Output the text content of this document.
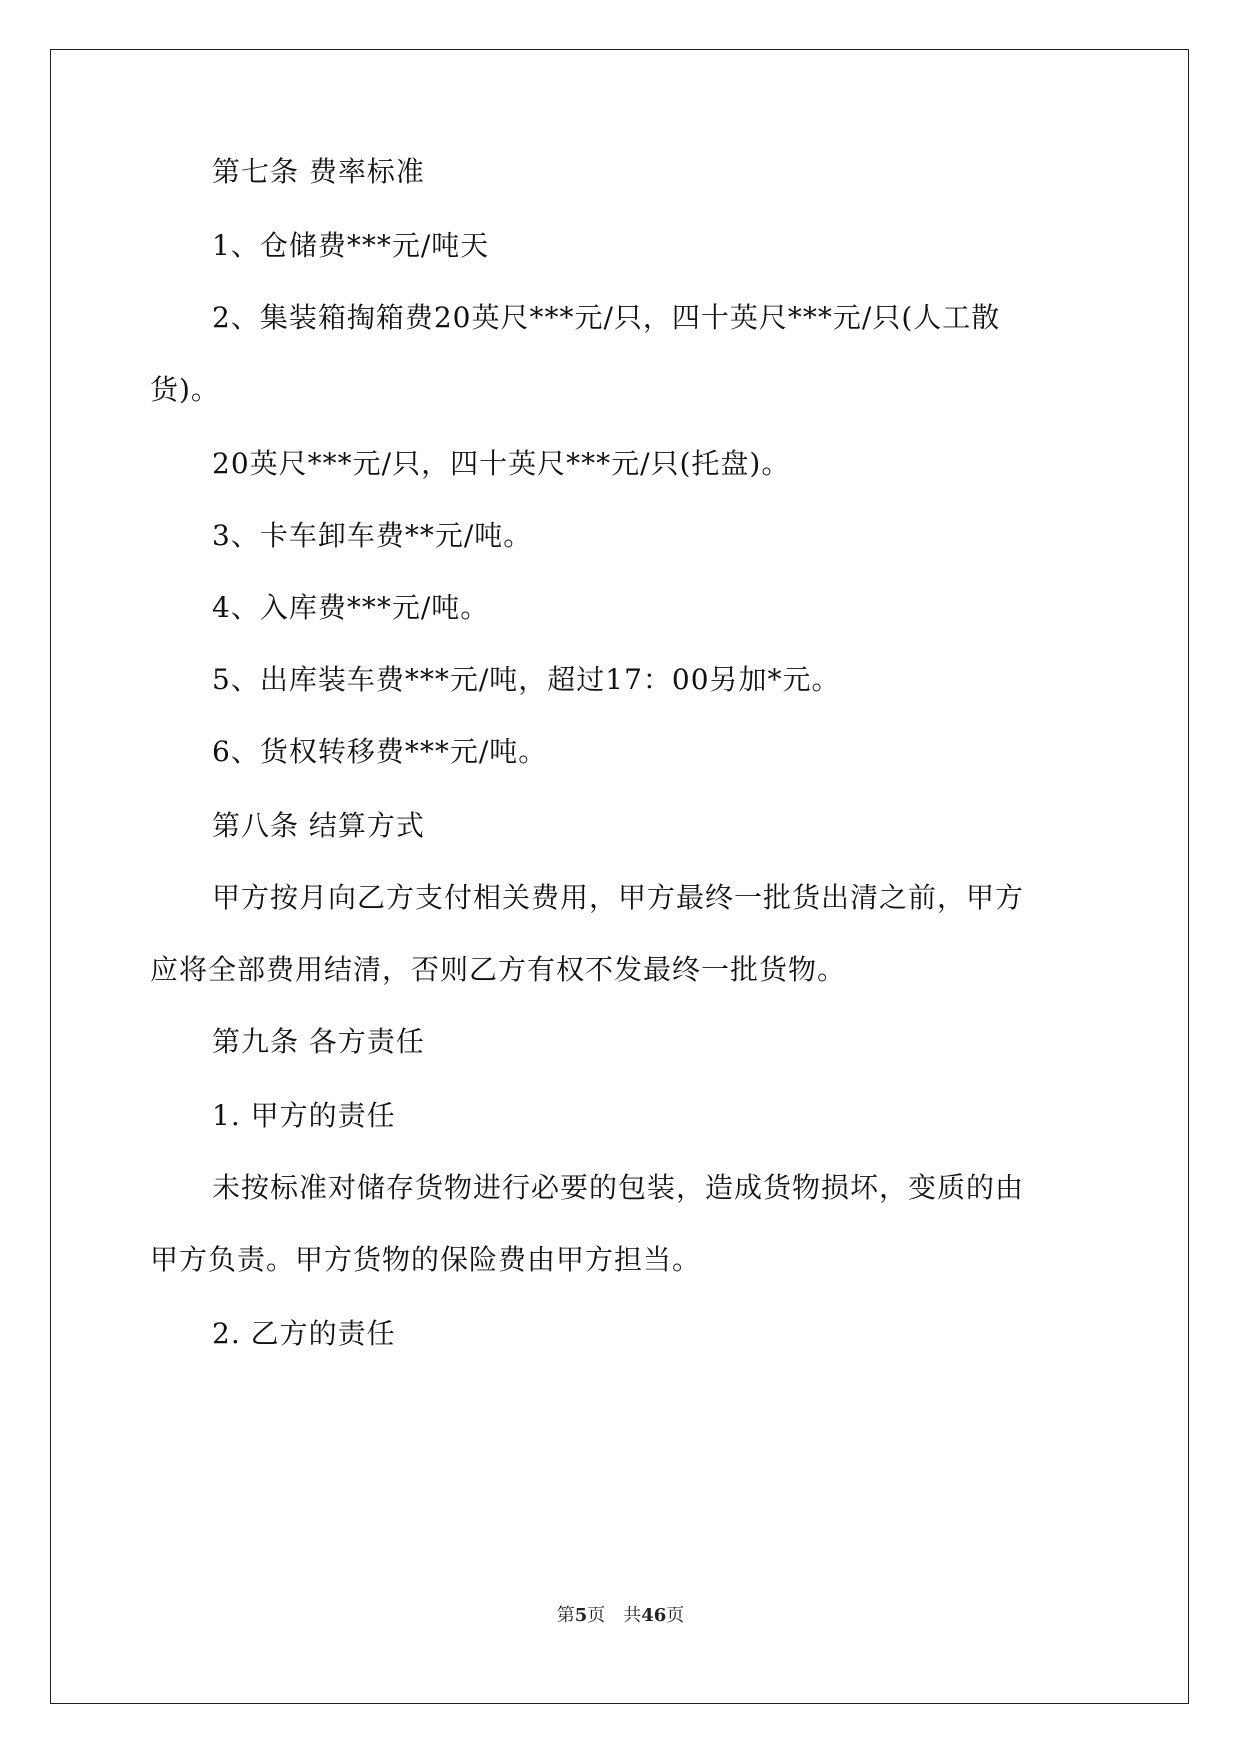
第七条 费率标准
1、仓储费***元/吨天
2、集装箱掏箱费20英尺***元/只，四十英尺***元/只(人工散
货)。
20英尺***元/只，四十英尺***元/只(托盘)。
3、卡车卸车费**元/吨。
4、入库费***元/吨。
5、出库装车费***元/吨，超过17：00另加*元。
6、货权转移费***元/吨。
第八条 结算方式
甲方按月向乙方支付相关费用，甲方最终一批货出清之前，甲方
应将全部费用结清，否则乙方有权不发最终一批货物。
第九条 各方责任
1. 甲方的责任
未按标准对储存货物进行必要的包装，造成货物损坏，变质的由
甲方负责。甲方货物的保险费由甲方担当。
2. 乙方的责任
第5页　共46页
